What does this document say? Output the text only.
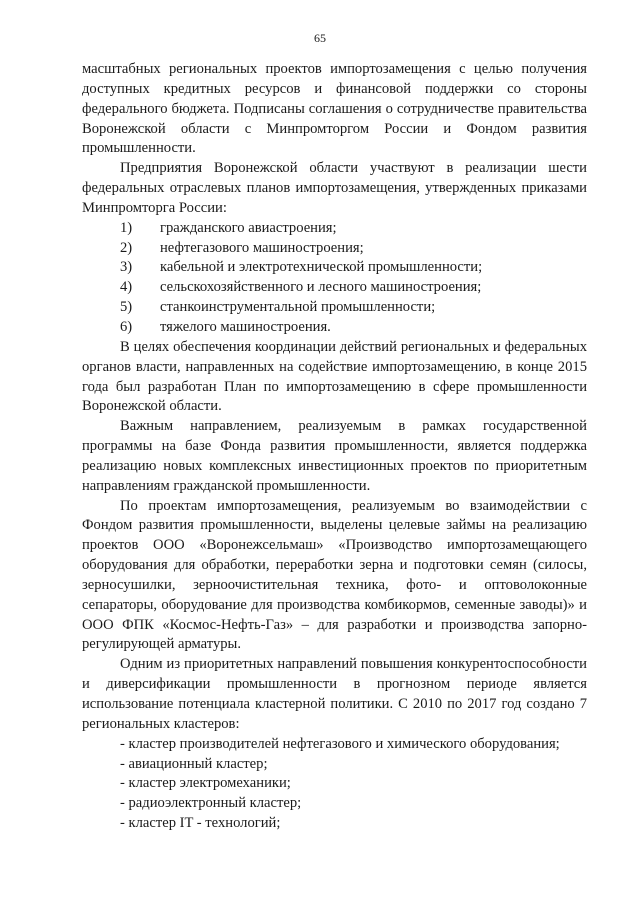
65

масштабных региональных проектов импортозамещения с целью получения доступных кредитных ресурсов и финансовой поддержки со стороны федерального бюджета. Подписаны соглашения о сотрудничестве правительства Воронежской области с Минпромторгом России и Фондом развития промышленности.

Предприятия Воронежской области участвуют в реализации шести федеральных отраслевых планов импортозамещения, утвержденных приказами Минпромторга России:

1) гражданского авиастроения;
2) нефтегазового машиностроения;
3) кабельной и электротехнической промышленности;
4) сельскохозяйственного и лесного машиностроения;
5) станкоинструментальной промышленности;
6) тяжелого машиностроения.

В целях обеспечения координации действий региональных и федеральных органов власти, направленных на содействие импортозамещению, в конце 2015 года был разработан План по импортозамещению в сфере промышленности Воронежской области.

Важным направлением, реализуемым в рамках государственной программы на базе Фонда развития промышленности, является поддержка реализацию новых комплексных инвестиционных проектов по приоритетным направлениям гражданской промышленности.

По проектам импортозамещения, реализуемым во взаимодействии с Фондом развития промышленности, выделены целевые займы на реализацию проектов ООО «Воронежсельмаш» «Производство импортозамещающего оборудования для обработки, переработки зерна и подготовки семян (силосы, зерносушилки, зерноочистительная техника, фото- и оптоволоконные сепараторы, оборудование для производства комбикормов, семенные заводы)» и ООО ФПК «Космос-Нефть-Газ» – для разработки и производства запорно-регулирующей арматуры.

Одним из приоритетных направлений повышения конкурентоспособности и диверсификации промышленности в прогнозном периоде является использование потенциала кластерной политики. С 2010 по 2017 год создано 7 региональных кластеров:

- кластер производителей нефтегазового и химического оборудования;
- авиационный кластер;
- кластер электромеханики;
- радиоэлектронный кластер;
- кластер IT - технологий;
